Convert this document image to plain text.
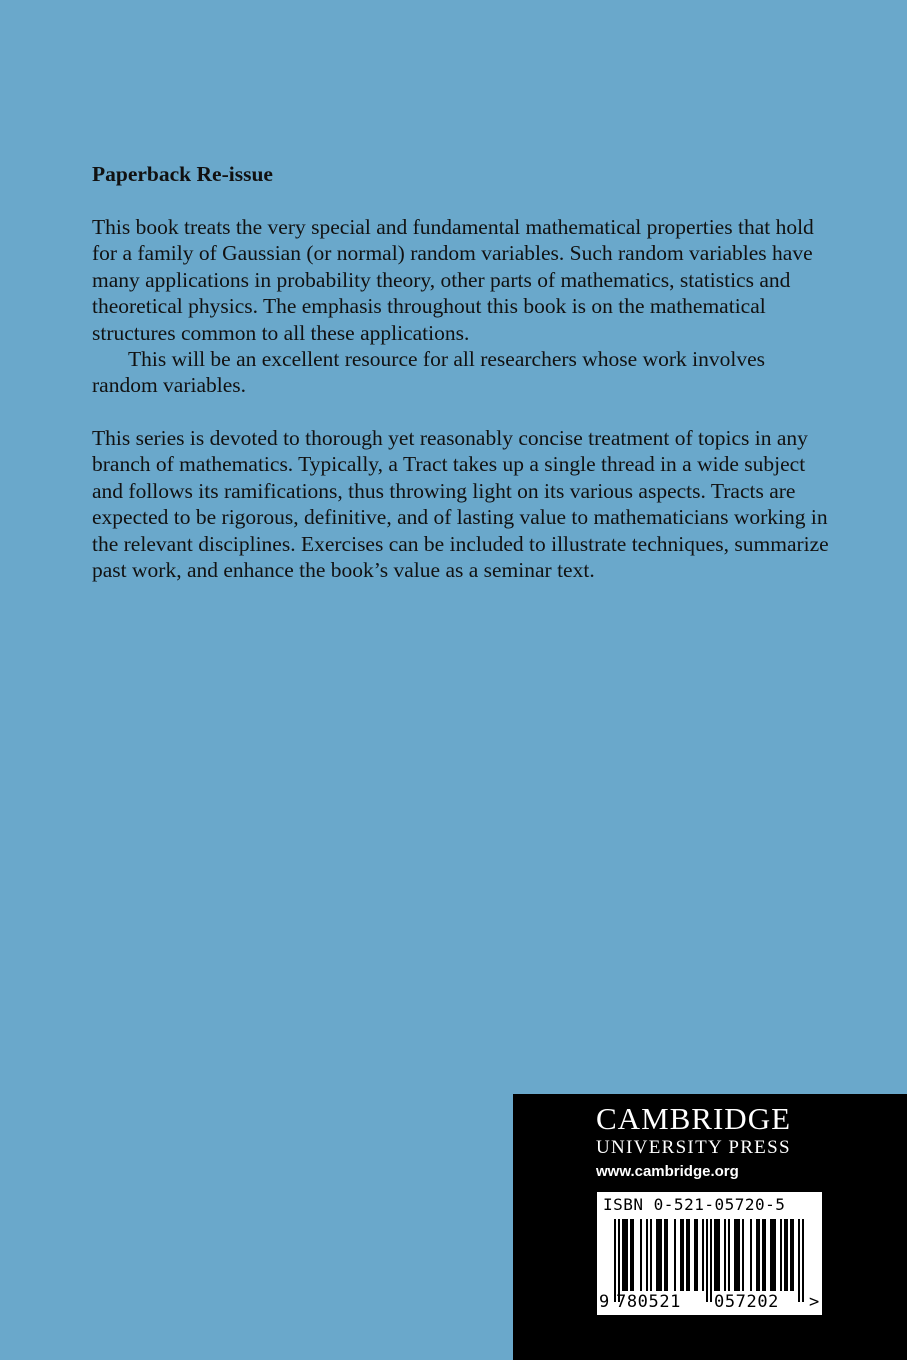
Paperback Re-issue

This book treats the very special and fundamental mathematical properties that hold for a family of Gaussian (or normal) random variables. Such random variables have many applications in probability theory, other parts of mathematics, statistics and theoretical physics. The emphasis throughout this book is on the mathematical structures common to all these applications.

This will be an excellent resource for all researchers whose work involves random variables.

This series is devoted to thorough yet reasonably concise treatment of topics in any branch of mathematics. Typically, a Tract takes up a single thread in a wide subject and follows its ramifications, thus throwing light on its various aspects. Tracts are expected to be rigorous, definitive, and of lasting value to mathematicians working in the relevant disciplines. Exercises can be included to illustrate techniques, summarize past work, and enhance the book’s value as a seminar text.

CAMBRIDGE
UNIVERSITY PRESS
www.cambridge.org
ISBN 0-521-05720-5
9 780521 057202 >
